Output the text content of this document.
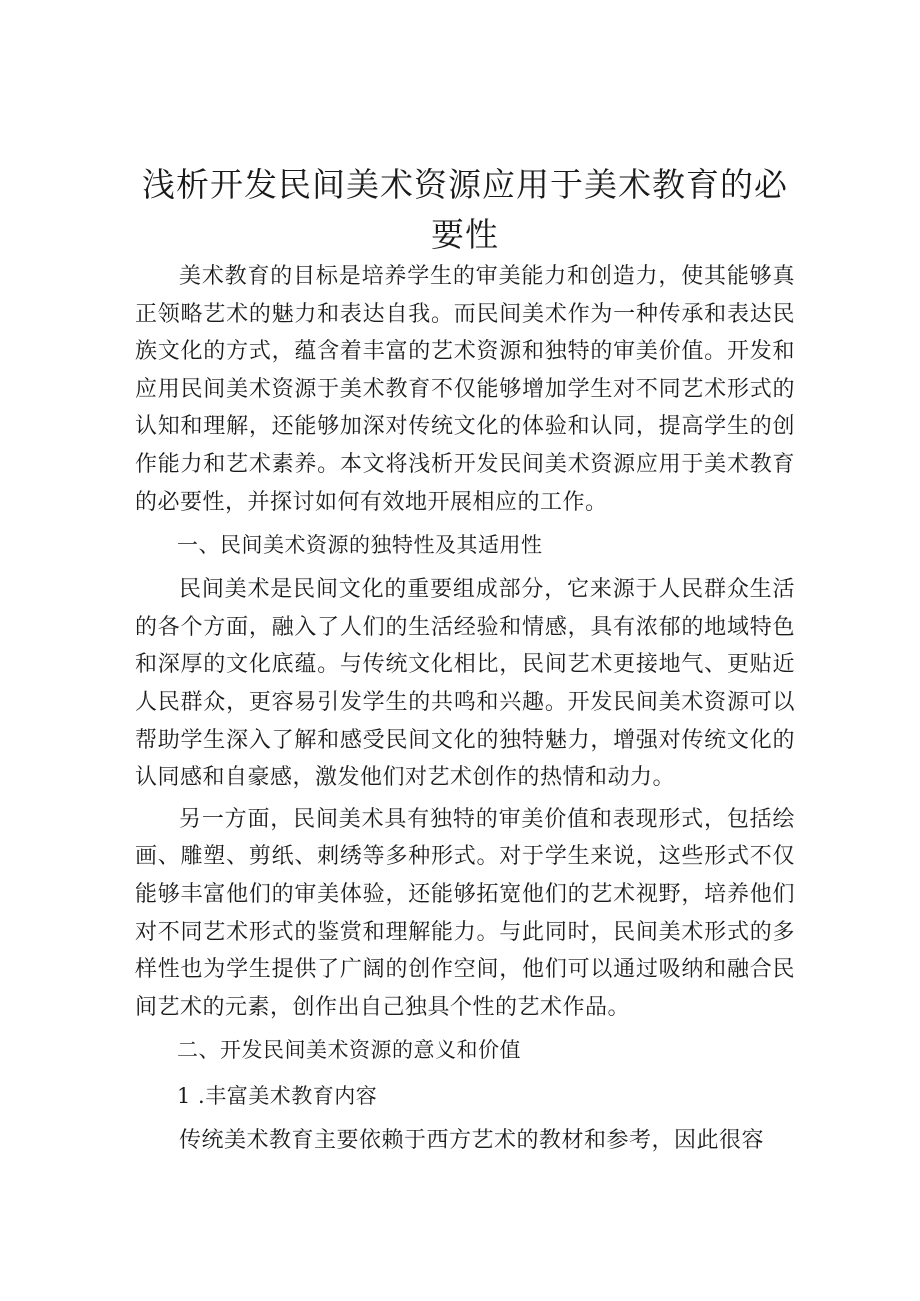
浅析开发民间美术资源应用于美术教育的必要性

美术教育的目标是培养学生的审美能力和创造力，使其能够真正领略艺术的魅力和表达自我。而民间美术作为一种传承和表达民族文化的方式，蕴含着丰富的艺术资源和独特的审美价值。开发和应用民间美术资源于美术教育不仅能够增加学生对不同艺术形式的认知和理解，还能够加深对传统文化的体验和认同，提高学生的创作能力和艺术素养。本文将浅析开发民间美术资源应用于美术教育的必要性，并探讨如何有效地开展相应的工作。

一、民间美术资源的独特性及其适用性

民间美术是民间文化的重要组成部分，它来源于人民群众生活的各个方面，融入了人们的生活经验和情感，具有浓郁的地域特色和深厚的文化底蕴。与传统文化相比，民间艺术更接地气、更贴近人民群众，更容易引发学生的共鸣和兴趣。开发民间美术资源可以帮助学生深入了解和感受民间文化的独特魅力，增强对传统文化的认同感和自豪感，激发他们对艺术创作的热情和动力。

另一方面，民间美术具有独特的审美价值和表现形式，包括绘画、雕塑、剪纸、刺绣等多种形式。对于学生来说，这些形式不仅能够丰富他们的审美体验，还能够拓宽他们的艺术视野，培养他们对不同艺术形式的鉴赏和理解能力。与此同时，民间美术形式的多样性也为学生提供了广阔的创作空间，他们可以通过吸纳和融合民间艺术的元素，创作出自己独具个性的艺术作品。

二、开发民间美术资源的意义和价值

1 .丰富美术教育内容

传统美术教育主要依赖于西方艺术的教材和参考，因此很容
